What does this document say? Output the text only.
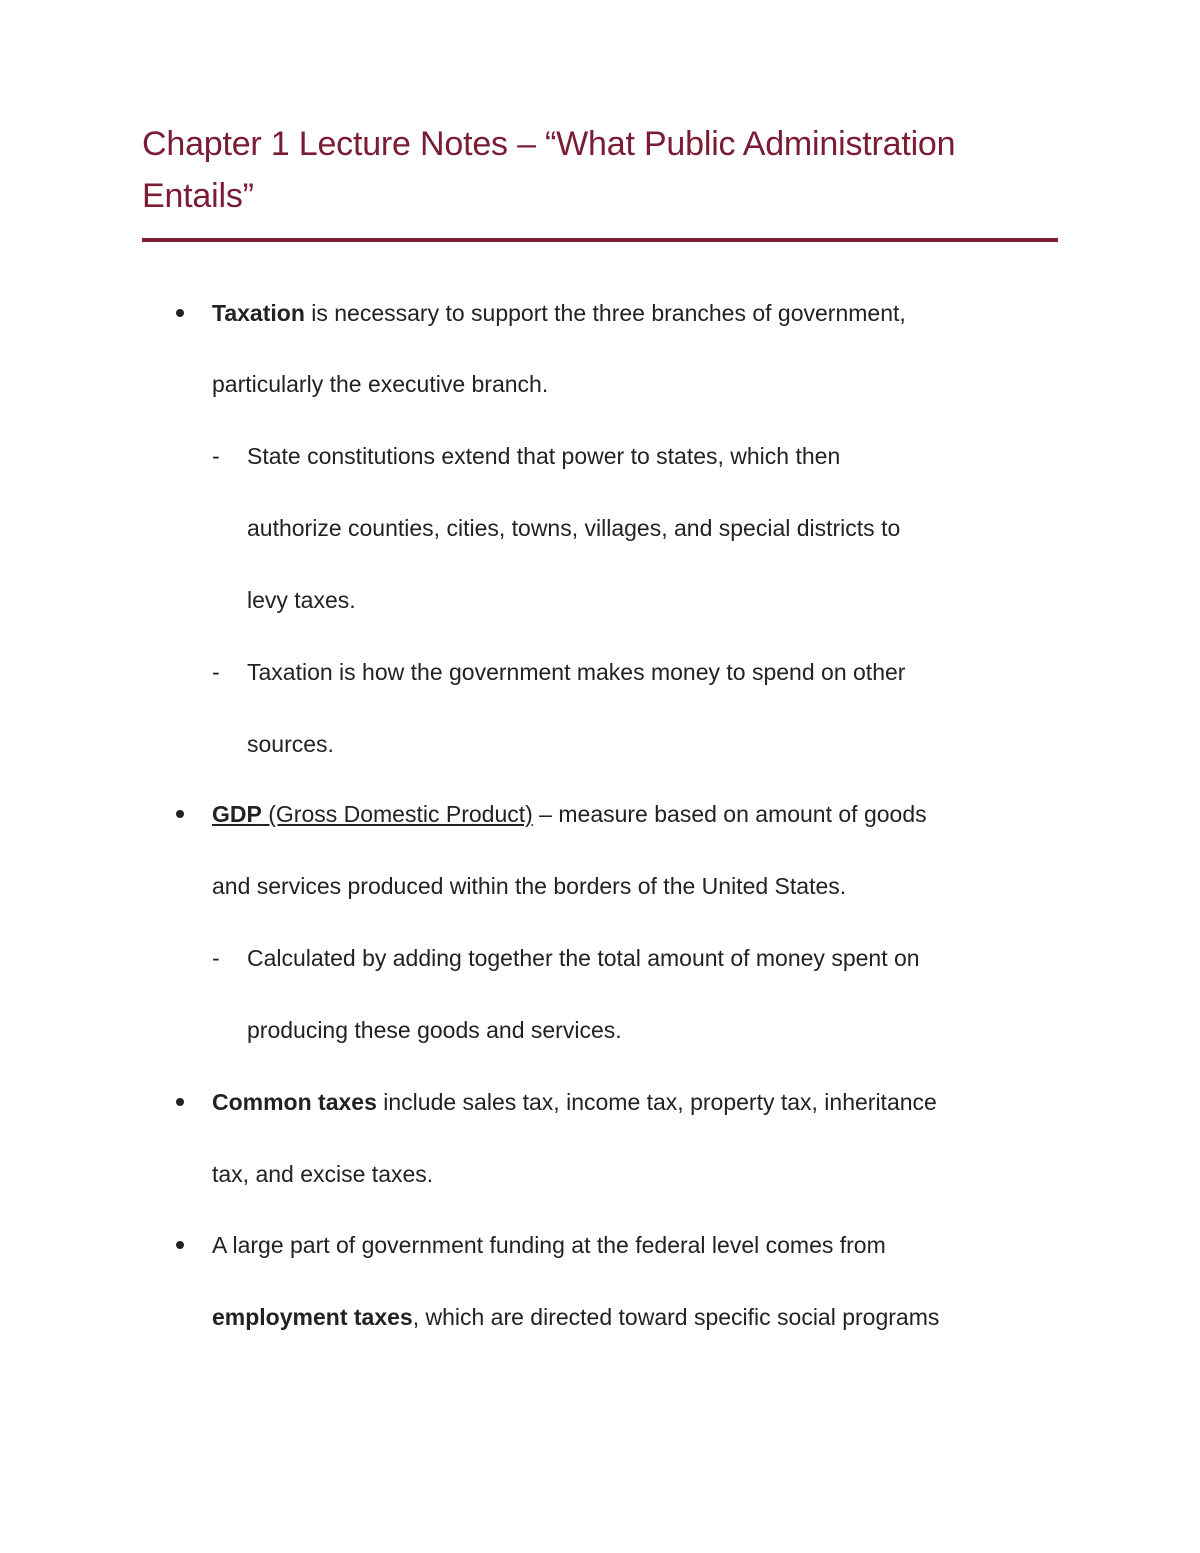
Chapter 1 Lecture Notes – “What Public Administration
Entails”
Taxation is necessary to support the three branches of government,
particularly the executive branch.
- State constitutions extend that power to states, which then
authorize counties, cities, towns, villages, and special districts to
levy taxes.
- Taxation is how the government makes money to spend on other
sources.
GDP (Gross Domestic Product) – measure based on amount of goods
and services produced within the borders of the United States.
- Calculated by adding together the total amount of money spent on
producing these goods and services.
Common taxes include sales tax, income tax, property tax, inheritance
tax, and excise taxes.
A large part of government funding at the federal level comes from
employment taxes, which are directed toward specific social programs
